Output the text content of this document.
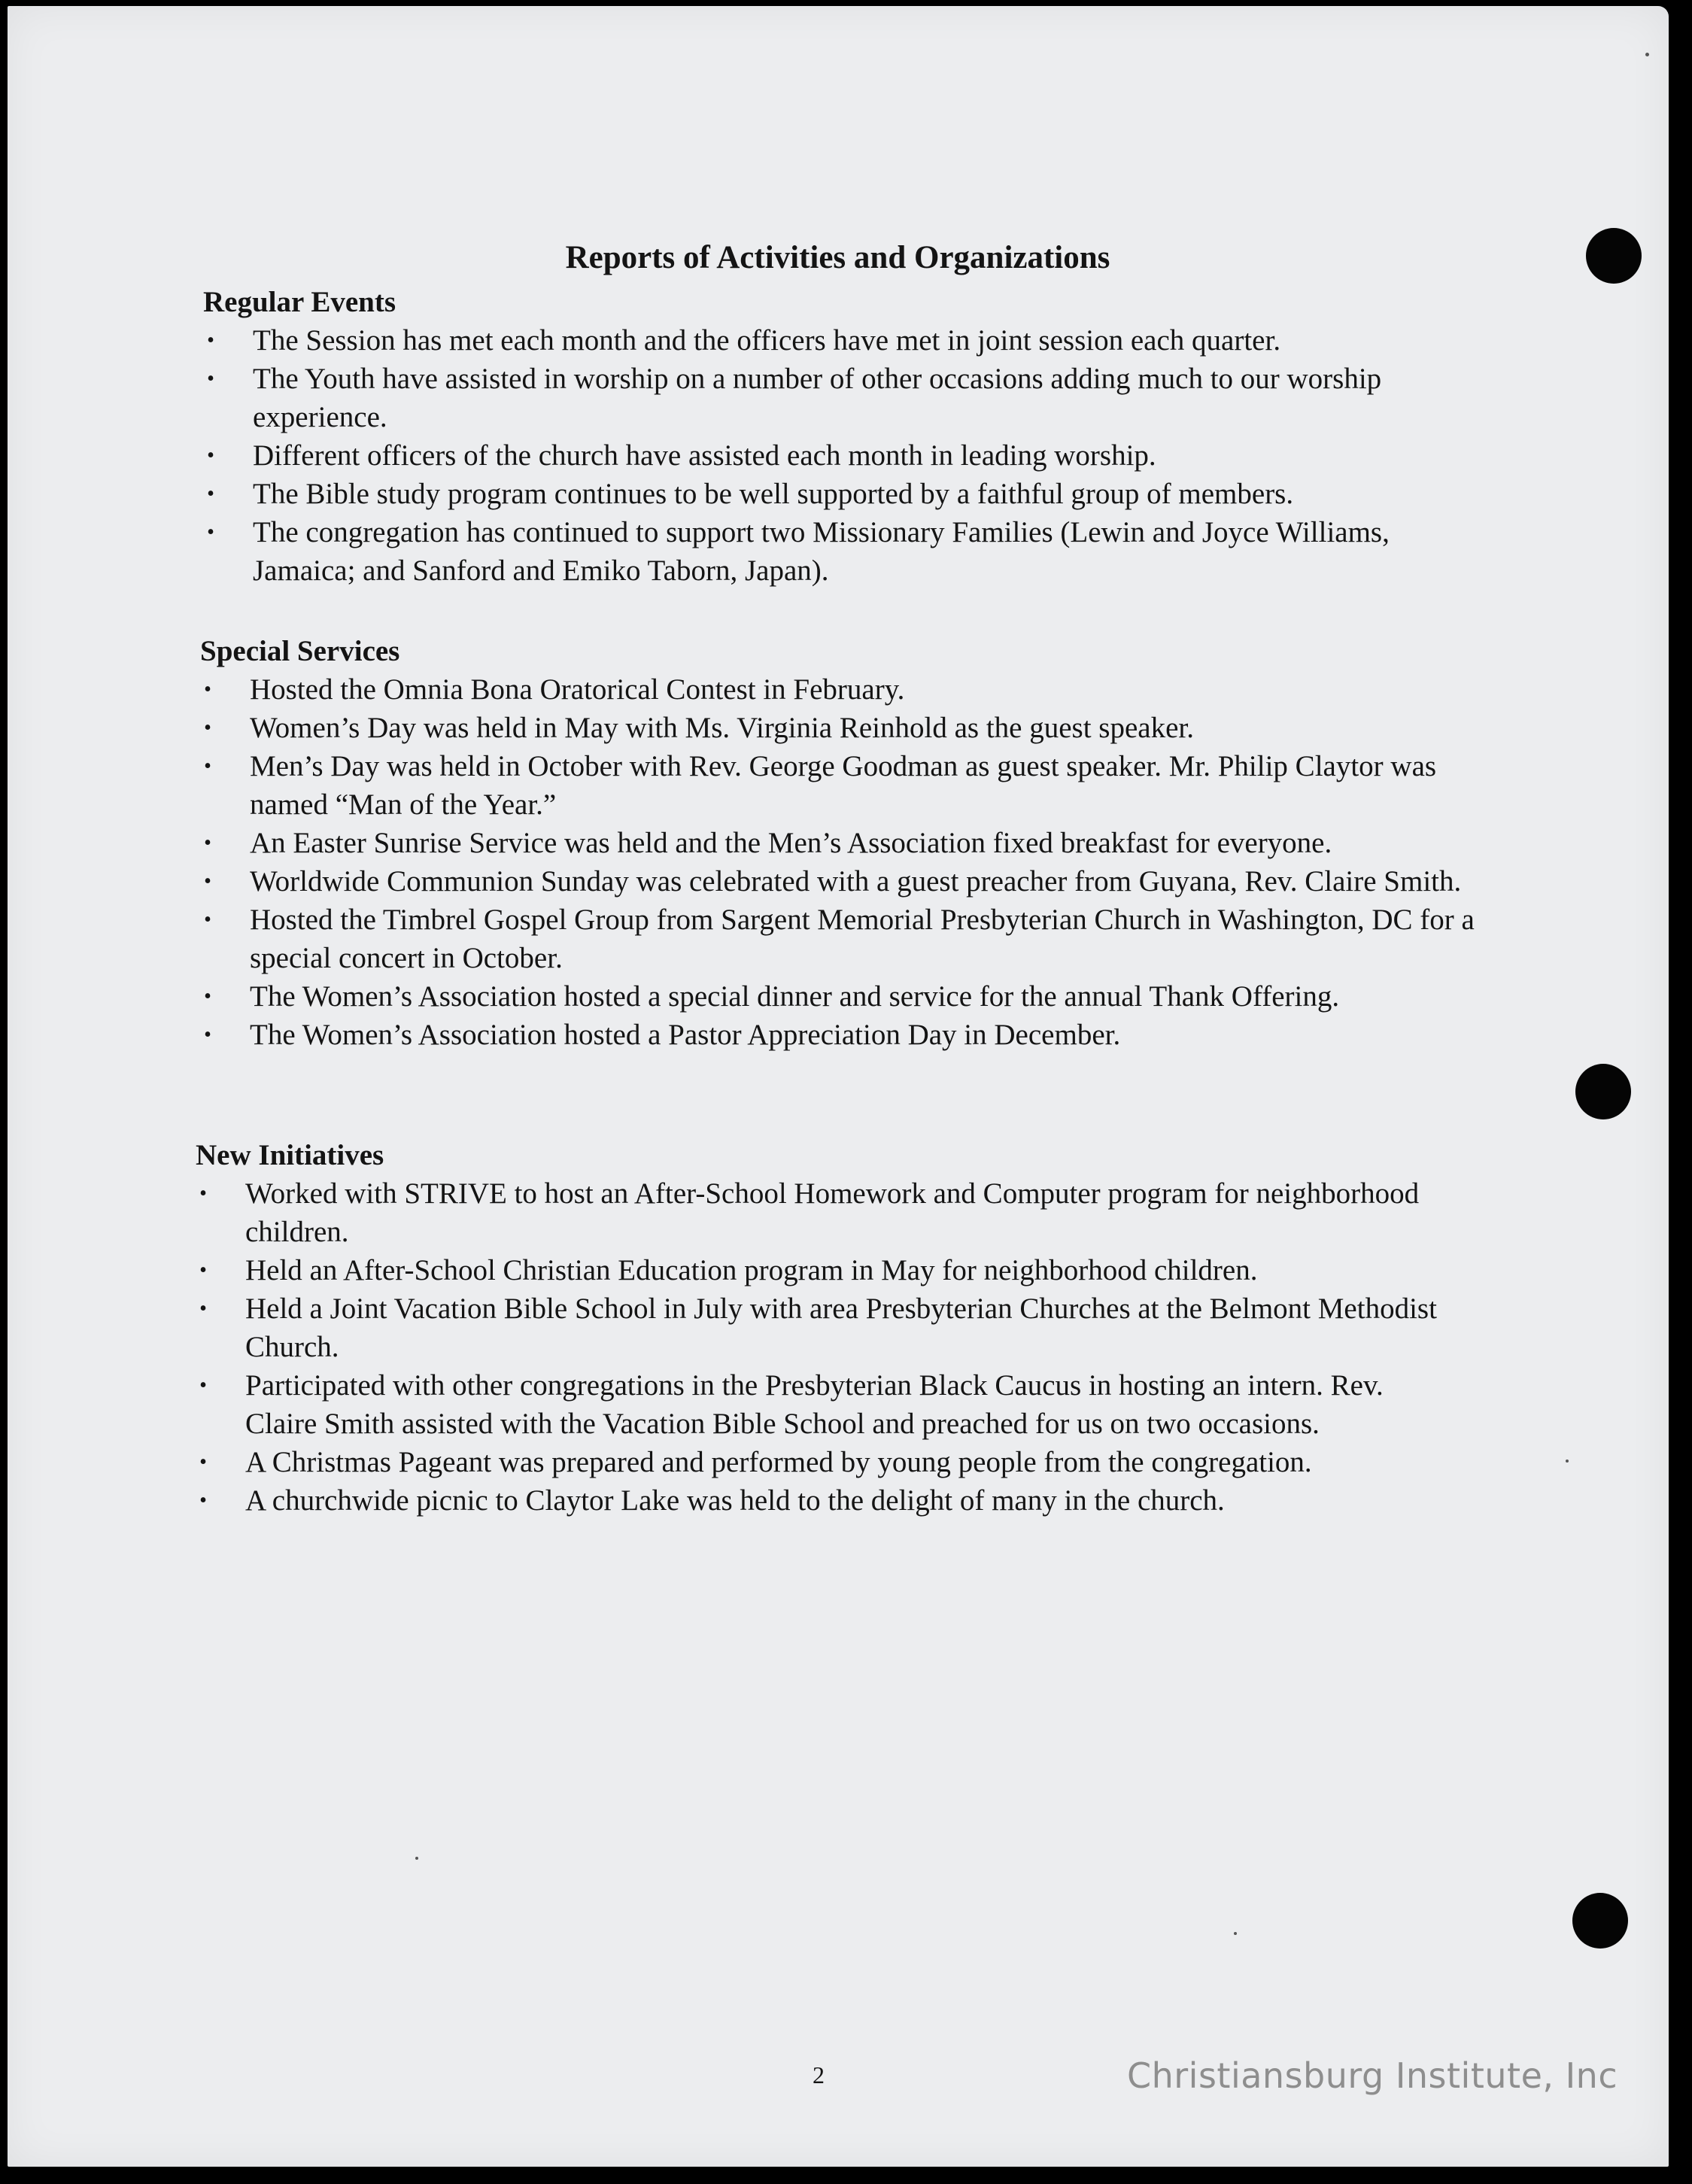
Reports of Activities and Organizations

Regular Events

• The Session has met each month and the officers have met in joint session each quarter.
• The Youth have assisted in worship on a number of other occasions adding much to our worship experience.
• Different officers of the church have assisted each month in leading worship.
• The Bible study program continues to be well supported by a faithful group of members.
• The congregation has continued to support two Missionary Families (Lewin and Joyce Williams, Jamaica; and Sanford and Emiko Taborn, Japan).

Special Services

• Hosted the Omnia Bona Oratorical Contest in February.
• Women’s Day was held in May with Ms. Virginia Reinhold as the guest speaker.
• Men’s Day was held in October with Rev. George Goodman as guest speaker. Mr. Philip Claytor was named “Man of the Year.”
• An Easter Sunrise Service was held and the Men’s Association fixed breakfast for everyone.
• Worldwide Communion Sunday was celebrated with a guest preacher from Guyana, Rev. Claire Smith.
• Hosted the Timbrel Gospel Group from Sargent Memorial Presbyterian Church in Washington, DC for a special concert in October.
• The Women’s Association hosted a special dinner and service for the annual Thank Offering.
• The Women’s Association hosted a Pastor Appreciation Day in December.

New Initiatives

• Worked with STRIVE to host an After-School Homework and Computer program for neighborhood children.
• Held an After-School Christian Education program in May for neighborhood children.
• Held a Joint Vacation Bible School in July with area Presbyterian Churches at the Belmont Methodist Church.
• Participated with other congregations in the Presbyterian Black Caucus in hosting an intern. Rev. Claire Smith assisted with the Vacation Bible School and preached for us on two occasions.
• A Christmas Pageant was prepared and performed by young people from the congregation.
• A churchwide picnic to Claytor Lake was held to the delight of many in the church.
2	Christiansburg Institute, Inc
